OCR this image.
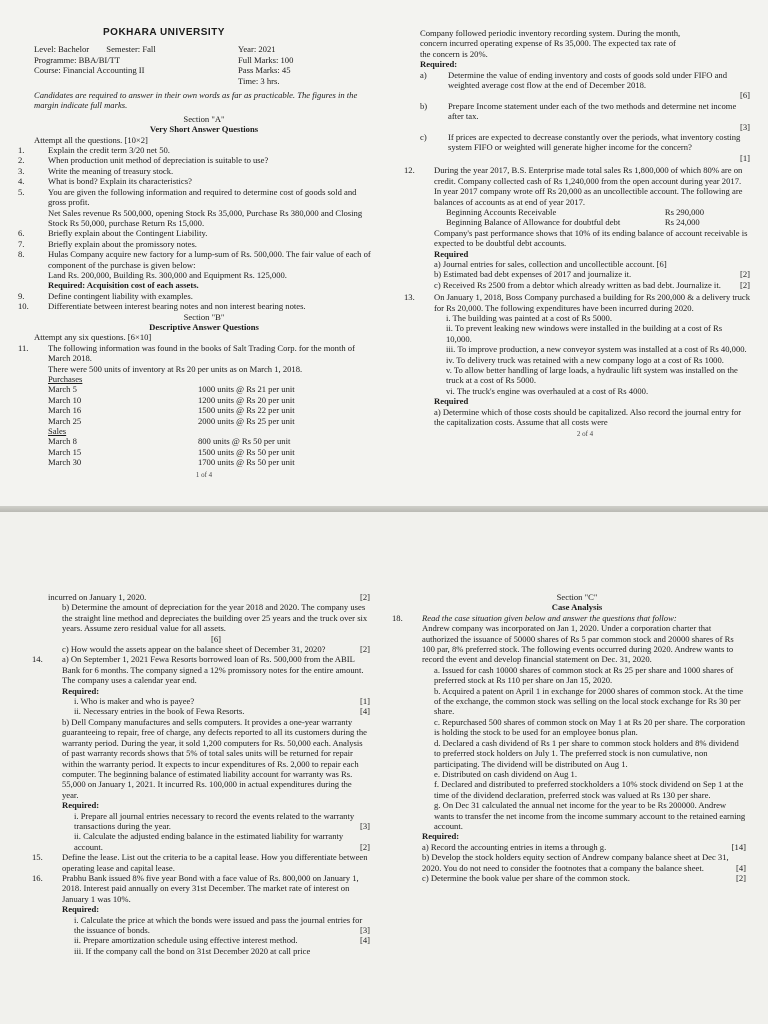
POKHARA UNIVERSITY
Level: Bachelor        Semester: Fall
Programme: BBA/BI/TT
Course: Financial Accounting II
Year: 2021
Full Marks: 100
Pass Marks: 45
Time: 3 hrs.
Candidates are required to answer in their own words as far as practicable. The figures in the margin indicate full marks.
Section "A"
Very Short Answer Questions
Attempt all the questions. [10×2]
1.	Explain the credit term 3/20 net 50.
2.	When production unit method of depreciation is suitable to use?
3.	Write the meaning of treasury stock.
4.	What is bond? Explain its characteristics?
5.	You are given the following information and required to determine cost of goods sold and gross profit.
Net Sales revenue Rs 500,000, opening Stock Rs 35,000, Purchase Rs 380,000 and Closing Stock Rs 50,000, purchase Return Rs 15,000.
6.	Briefly explain about the Contingent Liability.
7.	Briefly explain about the promissory notes.
8.	Hulas Company acquire new factory for a lump-sum of Rs. 500,000. The fair value of each of component of the purchase is given below:
Land Rs. 200,000, Building Rs. 300,000 and Equipment Rs. 125,000.
Required: Acquisition cost of each assets.
9.	Define contingent liability with examples.
10. Differentiate between interest bearing notes and non interest bearing notes.
Section "B"
Descriptive Answer Questions
Attempt any six questions. [6×10]
11. The following information was found in the books of Salt Trading Corp. for the month of March 2018.
There were 500 units of inventory at Rs 20 per units as on March 1, 2018.
Purchases
March 5	1000 units @ Rs 21 per unit
March 10	1200 units @ Rs 20 per unit
March 16	1500 units @ Rs 22 per unit
March 25	2000 units @ Rs 25 per unit
Sales
March 8	800 units @ Rs 50 per unit
March 15	1500 units @ Rs 50 per unit
March 30	1700 units @ Rs 50 per unit
1 of 4
Company followed periodic inventory recording system. During the month,
concern incurred operating expense of Rs 35,000. The expected tax rate of
the concern is 20%.
Required:
a)	Determine the value of ending inventory and costs of goods sold under FIFO and weighted average cost flow at the end of December 2018.
[6]
b)	Prepare Income statement under each of the two methods and determine net income after tax.
[3]
c)	If prices are expected to decrease constantly over the periods, what inventory costing system FIFO or weighted will generate higher income for the concern?
[1]
12. During the year 2017, B.S. Enterprise made total sales Rs 1,800,000 of which 80% are on credit. Company collected cash of Rs 1,240,000 from the open account during year 2017. In year 2017 company wrote off Rs 20,000 as an uncollectible account. The following are balances of accounts as at end of year 2017.
Beginning Accounts Receivable	Rs 290,000
Beginning Balance of Allowance for doubtful debt	Rs 24,000
Company's past performance shows that 10% of its ending balance of account receivable is expected to be doubtful debt accounts.
Required
a) Journal entries for sales, collection and uncollectible account. [6]
b) Estimated bad debt expenses of 2017 and journalize it.	[2]
c) Received Rs 2500 from a debtor which already written as bad debt. Journalize it. [2]
13. On January 1, 2018, Boss Company purchased a building for Rs 200,000 & a delivery truck for Rs 20,000. The following expenditures have been incurred during 2020.
i. The building was painted at a cost of Rs 5000.
ii. To prevent leaking new windows were installed in the building at a cost of Rs 10,000.
iii. To improve production, a new conveyor system was installed at a cost of Rs 40,000.
iv. To delivery truck was retained with a new company logo at a cost of Rs 1000.
v. To allow better handling of large loads, a hydraulic lift system was installed on the truck at a cost of Rs 5000.
vi. The truck's engine was overhauled at a cost of Rs 4000.
Required
a) Determine which of those costs should be capitalized. Also record the journal entry for the capitalization costs. Assume that all costs were
2 of 4
incurred on January 1, 2020.	[2]
b) Determine the amount of depreciation for the year 2018 and 2020. The company uses the straight line method and depreciates the building over 25 years and the truck over six years. Assume zero residual value for all assets.
[6]
c) How would the assets appear on the balance sheet of December 31, 2020?	[2]
14. a) On September 1, 2021 Fewa Resorts borrowed loan of Rs. 500,000 from the ABIL Bank for 6 months. The company signed a 12% promissory notes for the entire amount. The company uses a calendar year end.
Required:
i. Who is maker and who is payee?	[1]
ii. Necessary entries in the book of Fewa Resorts.	[4]
b) Dell Company manufactures and sells computers. It provides a one-year warranty guaranteeing to repair, free of charge, any defects reported to all its customers during the warranty period. During the year, it sold 1,200 computers for Rs. 50,000 each. Analysis of past warranty records shows that 5% of total sales units will be returned for repair within the warranty period. It expects to incur expenditures of Rs. 2,000 to repair each computer. The beginning balance of estimated liability account for warranty was Rs. 55,000 on January 1, 2021. It incurred Rs. 100,000 in actual expenditures during the year.
Required:
i. Prepare all journal entries necessary to record the events related to the warranty transactions during the year.	[3]
ii. Calculate the adjusted ending balance in the estimated liability for warranty account.	[2]
15. Define the lease. List out the criteria to be a capital lease. How you differentiate between operating lease and capital lease.
16. Prabhu Bank issued 8% five year Bond with a face value of Rs. 800,000 on January 1, 2018. Interest paid annually on every 31st December. The market rate of interest on January 1 was 10%.
Required:
i. Calculate the price at which the bonds were issued and pass the journal entries for the issuance of bonds.	[3]
ii. Prepare amortization schedule using effective interest method.	[4]
iii. If the company call the bond on 31st December 2020 at call price
Section "C"
Case Analysis
18. Read the case situation given below and answer the questions that follow:
Andrew company was incorporated on Jan 1, 2020. Under a corporation charter that authorized the issuance of 50000 shares of Rs 5 par common stock and 20000 shares of Rs 100 par, 8% preferred stock. The following events occurred during 2020. Andrew wants to record the event and develop financial statement on Dec. 31, 2020.
a. Issued for cash 10000 shares of common stock at Rs 25 per share and 1000 shares of preferred stock at Rs 110 per share on Jan 15, 2020.
b. Acquired a patent on April 1 in exchange for 2000 shares of common stock. At the time of the exchange, the common stock was selling on the local stock exchange for Rs 30 per share.
c. Repurchased 500 shares of common stock on May 1 at Rs 20 per share. The corporation is holding the stock to be used for an employee bonus plan.
d. Declared a cash dividend of Rs 1 per share to common stock holders and 8% dividend to preferred stock holders on July 1. The preferred stock is non cumulative, non participating. The dividend will be distributed on Aug 1.
e. Distributed on cash dividend on Aug 1.
f. Declared and distributed to preferred stockholders a 10% stock dividend on Sep 1 at the time of the dividend declaration, preferred stock was valued at Rs 130 per share.
g. On Dec 31 calculated the annual net income for the year to be Rs 200000. Andrew wants to transfer the net income from the income summary account to the retained earning account.
Required:
a) Record the accounting entries in items a through g.	[14]
b) Develop the stock holders equity section of Andrew company balance sheet at Dec 31, 2020. You do not need to consider the footnotes that a company the balance sheet.	[4]
c) Determine the book value per share of the common stock.	[2]
